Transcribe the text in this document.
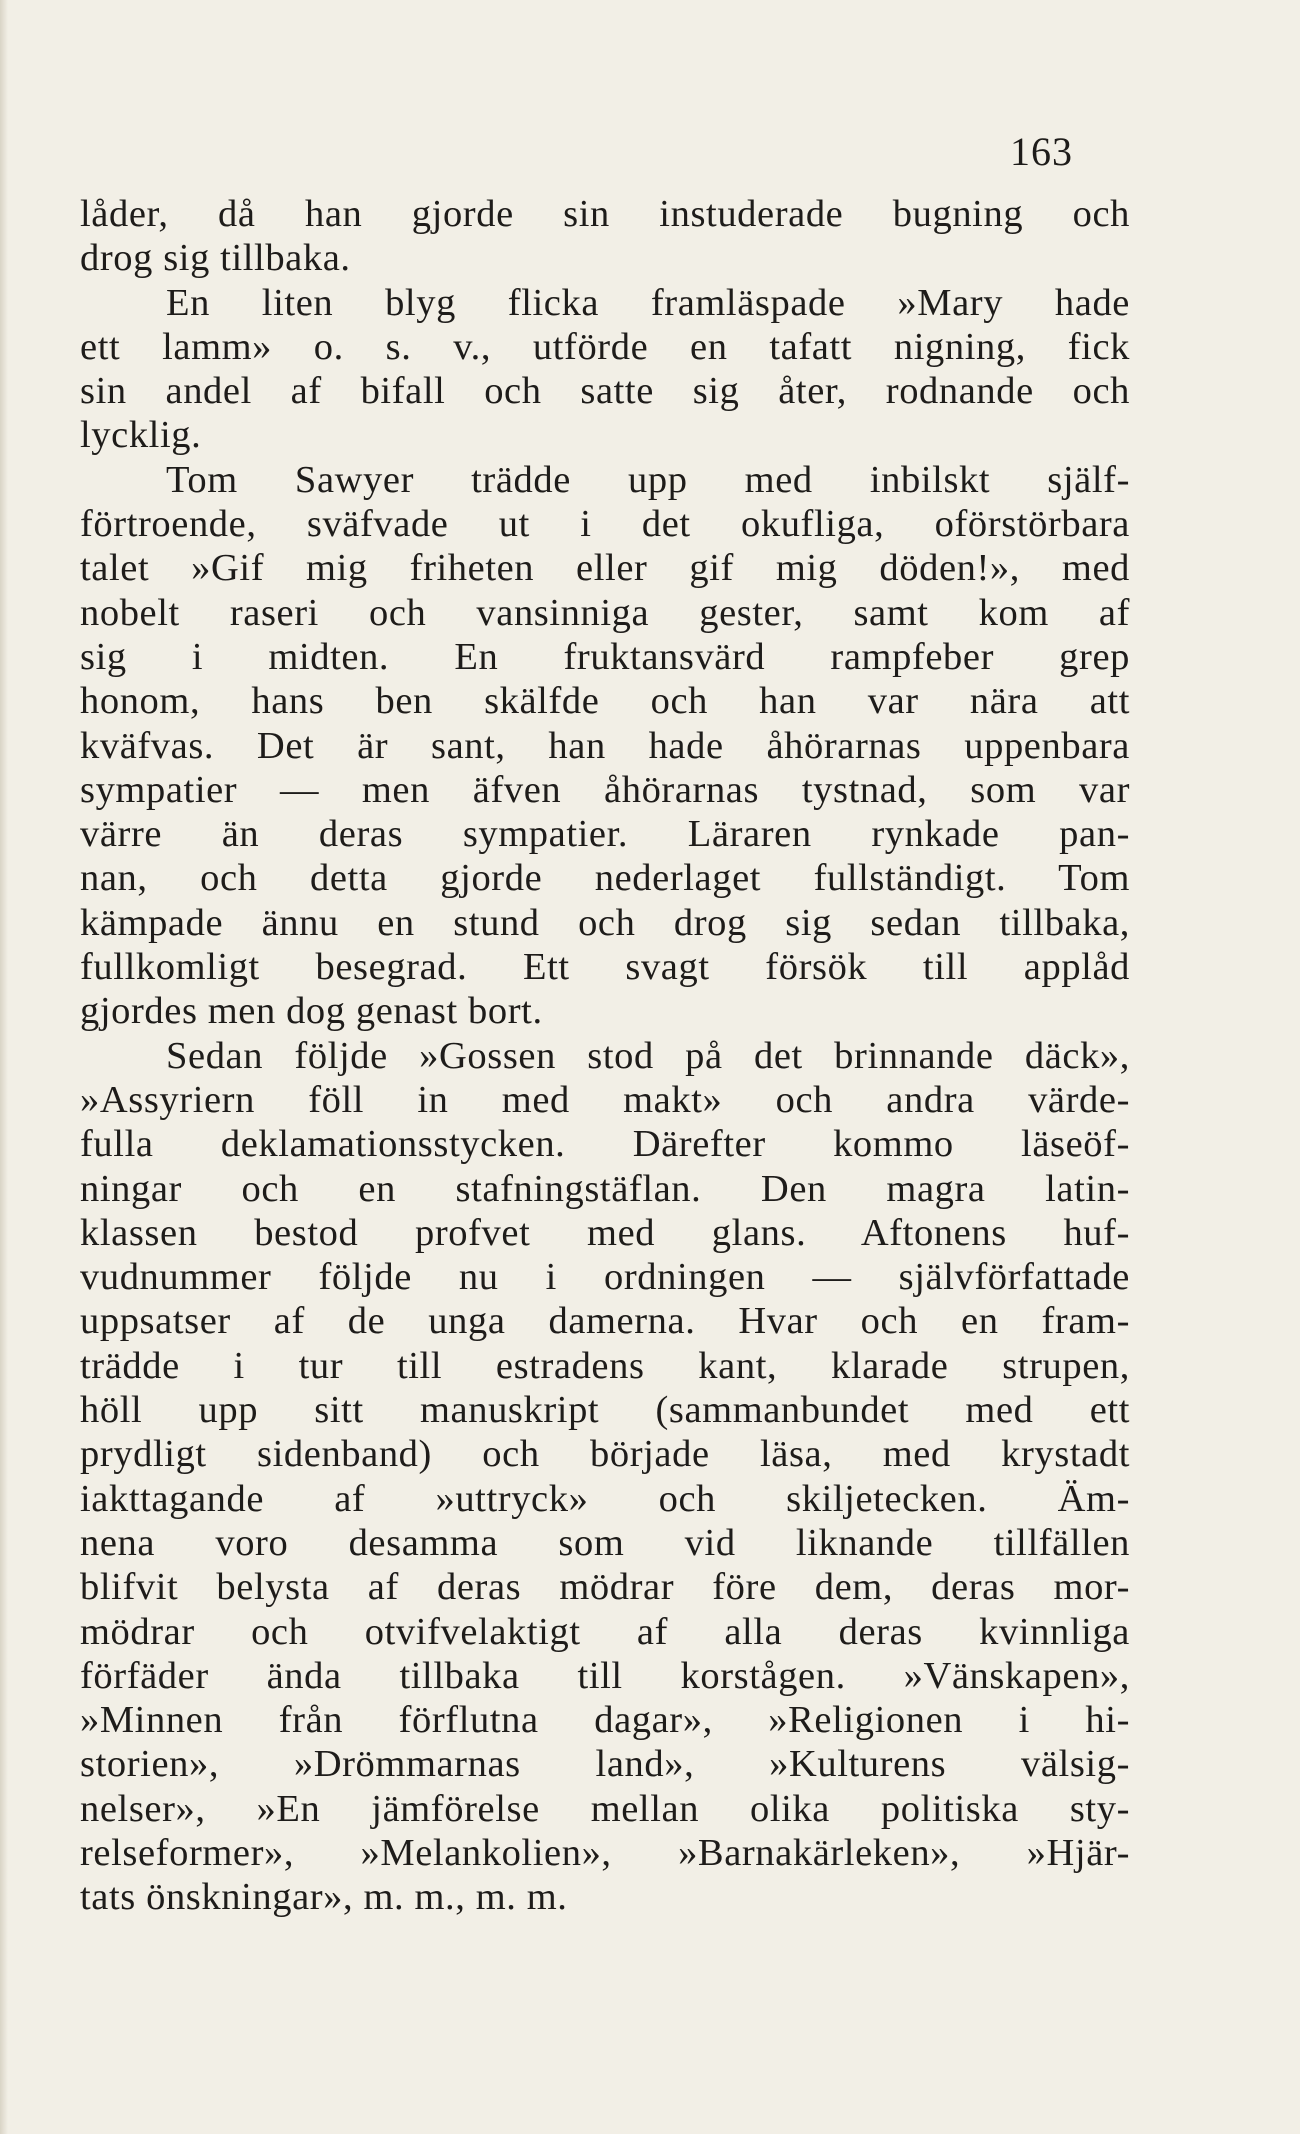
163
låder, då han gjorde sin instuderade bugning och
drog sig tillbaka.
En liten blyg flicka framläspade »Mary hade
ett lamm» o. s. v., utförde en tafatt nigning, fick
sin andel af bifall och satte sig åter, rodnande och
lycklig.
Tom Sawyer trädde upp med inbilskt själf-
förtroende, sväfvade ut i det okufliga, oförstörbara
talet »Gif mig friheten eller gif mig döden!», med
nobelt raseri och vansinniga gester, samt kom af
sig i midten. En fruktansvärd rampfeber grep
honom, hans ben skälfde och han var nära att
kväfvas. Det är sant, han hade åhörarnas uppenbara
sympatier — men äfven åhörarnas tystnad, som var
värre än deras sympatier. Läraren rynkade pan-
nan, och detta gjorde nederlaget fullständigt. Tom
kämpade ännu en stund och drog sig sedan tillbaka,
fullkomligt besegrad. Ett svagt försök till applåd
gjordes men dog genast bort.
Sedan följde »Gossen stod på det brinnande däck»,
»Assyriern föll in med makt» och andra värde-
fulla deklamationsstycken. Därefter kommo läseöf-
ningar och en stafningstäflan. Den magra latin-
klassen bestod profvet med glans. Aftonens huf-
vudnummer följde nu i ordningen — självförfattade
uppsatser af de unga damerna. Hvar och en fram-
trädde i tur till estradens kant, klarade strupen,
höll upp sitt manuskript (sammanbundet med ett
prydligt sidenband) och började läsa, med krystadt
iakttagande af »uttryck» och skiljetecken. Äm-
nena voro desamma som vid liknande tillfällen
blifvit belysta af deras mödrar före dem, deras mor-
mödrar och otvifvelaktigt af alla deras kvinnliga
förfäder ända tillbaka till korstågen. »Vänskapen»,
»Minnen från förflutna dagar», »Religionen i hi-
storien», »Drömmarnas land», »Kulturens välsig-
nelser», »En jämförelse mellan olika politiska sty-
relseformer», »Melankolien», »Barnakärleken», »Hjär-
tats önskningar», m. m., m. m.
